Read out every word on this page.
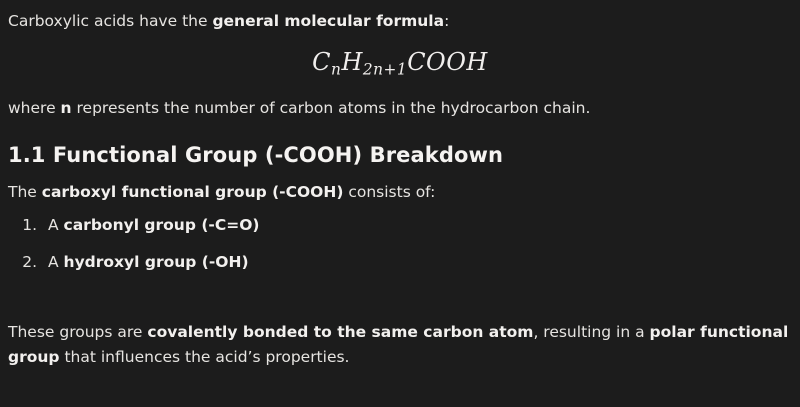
Carboxylic acids have the general molecular formula:

$C_nH_{2n+1}COOH$

where n represents the number of carbon atoms in the hydrocarbon chain.

1.1 Functional Group (-COOH) Breakdown

The carboxyl functional group (-COOH) consists of:

1. A carbonyl group (-C=O)
2. A hydroxyl group (-OH)

These groups are covalently bonded to the same carbon atom, resulting in a polar functional group that influences the acid’s properties.
